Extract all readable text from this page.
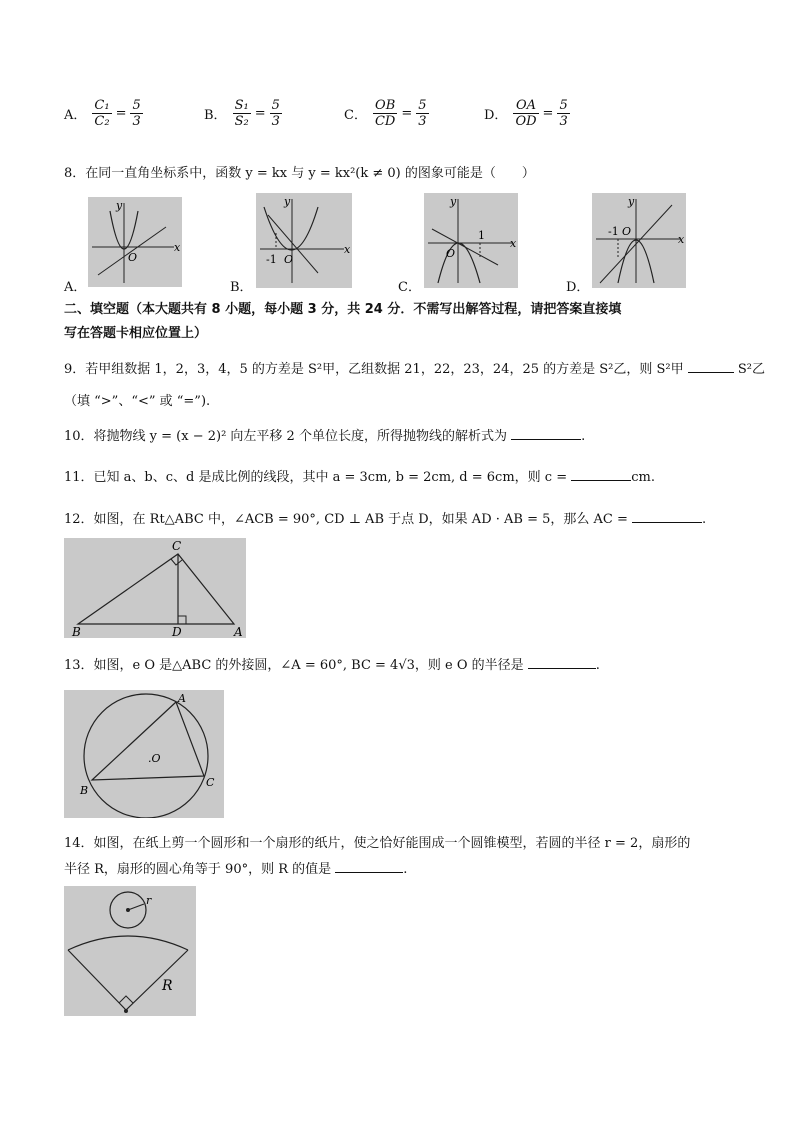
A． $\frac{\text{C₁}}{\text{C₂}} = \frac{5}{3}$	B． $\frac{\text{S₁}}{\text{S₂}} = \frac{5}{3}$	C． $\frac{OB}{CD} = \frac{5}{3}$	D． $\frac{OA}{OD} = \frac{5}{3}$
8．在同一直角坐标系中，函数 y = kx 与 y = kx²(k ≠ 0) 的图象可能是（　　）
y
x
O
A．
y
x
-1 O
B．
y
x
1
O
C．
y
x
-1 O
D．
二、填空题（本大题共有 8 小题，每小题 3 分，共 24 分．不需写出解答过程，请把答案直接填
写在答题卡相应位置上）
9．若甲组数据 1，2，3，4，5 的方差是 S²甲，乙组数据 21，22，23，24，25 的方差是 S²乙，则 S²甲	S²乙
（填 “>”、“<” 或 “=”).
10．将抛物线 y = (x − 2)² 向左平移 2 个单位长度，所得抛物线的解析式为	.
11．已知 a、b、c、d 是成比例的线段，其中 a = 3cm, b = 2cm, d = 6cm，则 c =	cm.
12．如图，在 Rt△ABC 中，∠ACB = 90°, CD ⊥ AB 于点 D，如果 AD · AB = 5，那么 AC =	.
C
B	D	A
13．如图，e O 是△ABC 的外接圆，∠A = 60°, BC = 4√3，则 e O 的半径是	.
A
B
C
.O
14．如图，在纸上剪一个圆形和一个扇形的纸片，使之恰好能围成一个圆锥模型，若圆的半径 r = 2，扇形的
半径 R，扇形的圆心角等于 90°，则 R 的值是	.
r
R
